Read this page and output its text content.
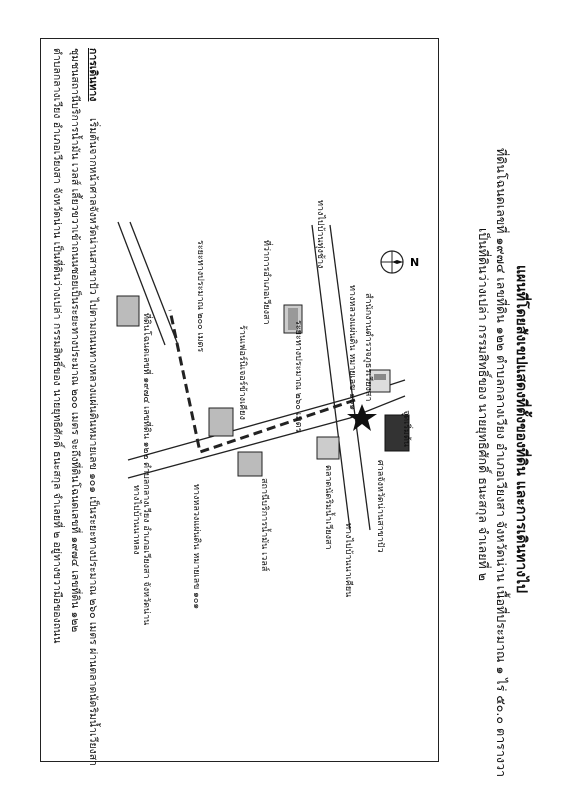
แผนที่โดยสังเขปแสดงที่ตั้งของที่ดิน และการเดินทางไป
ที่ดินโฉนดเลขที่ ๑๙๗๔ เลขที่ดิน ๑๒๒ ตำบลกลางเวียง อำเภอเวียงสา จังหวัดน่าน เนื้อที่ประมาณ ๑ ไร่ ๕๐.๐ ตารางวา
เป็นที่ดินว่างเปล่า กรรมสิทธิ์ของ นายยุทธิศักดิ์ ธนะสกุล จำเลยที่ ๒
การเดินทาง
เริ่มต้นจากหน้าศาลจังหวัดน่านสาขาปัว ไปตามถนนทางหลวงแผ่นดินหมายเลข ๑๐๑ เป็นระยะทางประมาณ ๒๖๐ เมตร ผ่านตลาดนัดริมน้ำเวียงสา
ชุมชนสถานีบริการน้ำมัน เวลส์ เลี้ยวขวาเข้าถนนซอยเป็นระยะทางประมาณ ๒๐๐ เมตร จะถึงที่ดินโฉนดเลขที่ ๑๙๗๔ เลขที่ดิน ๑๒๒
ตำบลกลางเวียง อำเภอเวียงสา จังหวัดน่าน เป็นที่ดินว่างเปล่า กรรมสิทธิ์ของ นายยุทธิศักดิ์ ธนะสกุล จำเลยที่ ๒ อยู่ทางขวามือของถนน	N
ทางไปบ้านทุ่งช้าง
สำนักงานตำรวจภูธรเวียงสา
ทางหลวงแผ่นดิน หมายเลข ๑๐๑
ที่ว่าการอำเภอเวียงสา
ระยะทางประมาณ ๒๖๐ เมตร
ร้านเฟอร์นิเจอร์ข้างเคียง
จุดเริ่มต้น
ศาลจังหวัดน่านสาขาปัว
ตลาดนัดริมน้ำเวียงสา
ทางไปบ้านนาเคียน
ระยะทางประมาณ ๒๐๐ เมตร
ที่ดินโฉนดเลขที่ ๑๙๗๔ เลขที่ดิน ๑๒๒ ตำบลกลางเวียง อำเภอเวียงสา จังหวัดน่าน	สถานีบริการน้ำมัน เวลส์
ทางหลวงแผ่นดิน หมายเลข ๑๐๑
ทางไปบ้านนาหลง
